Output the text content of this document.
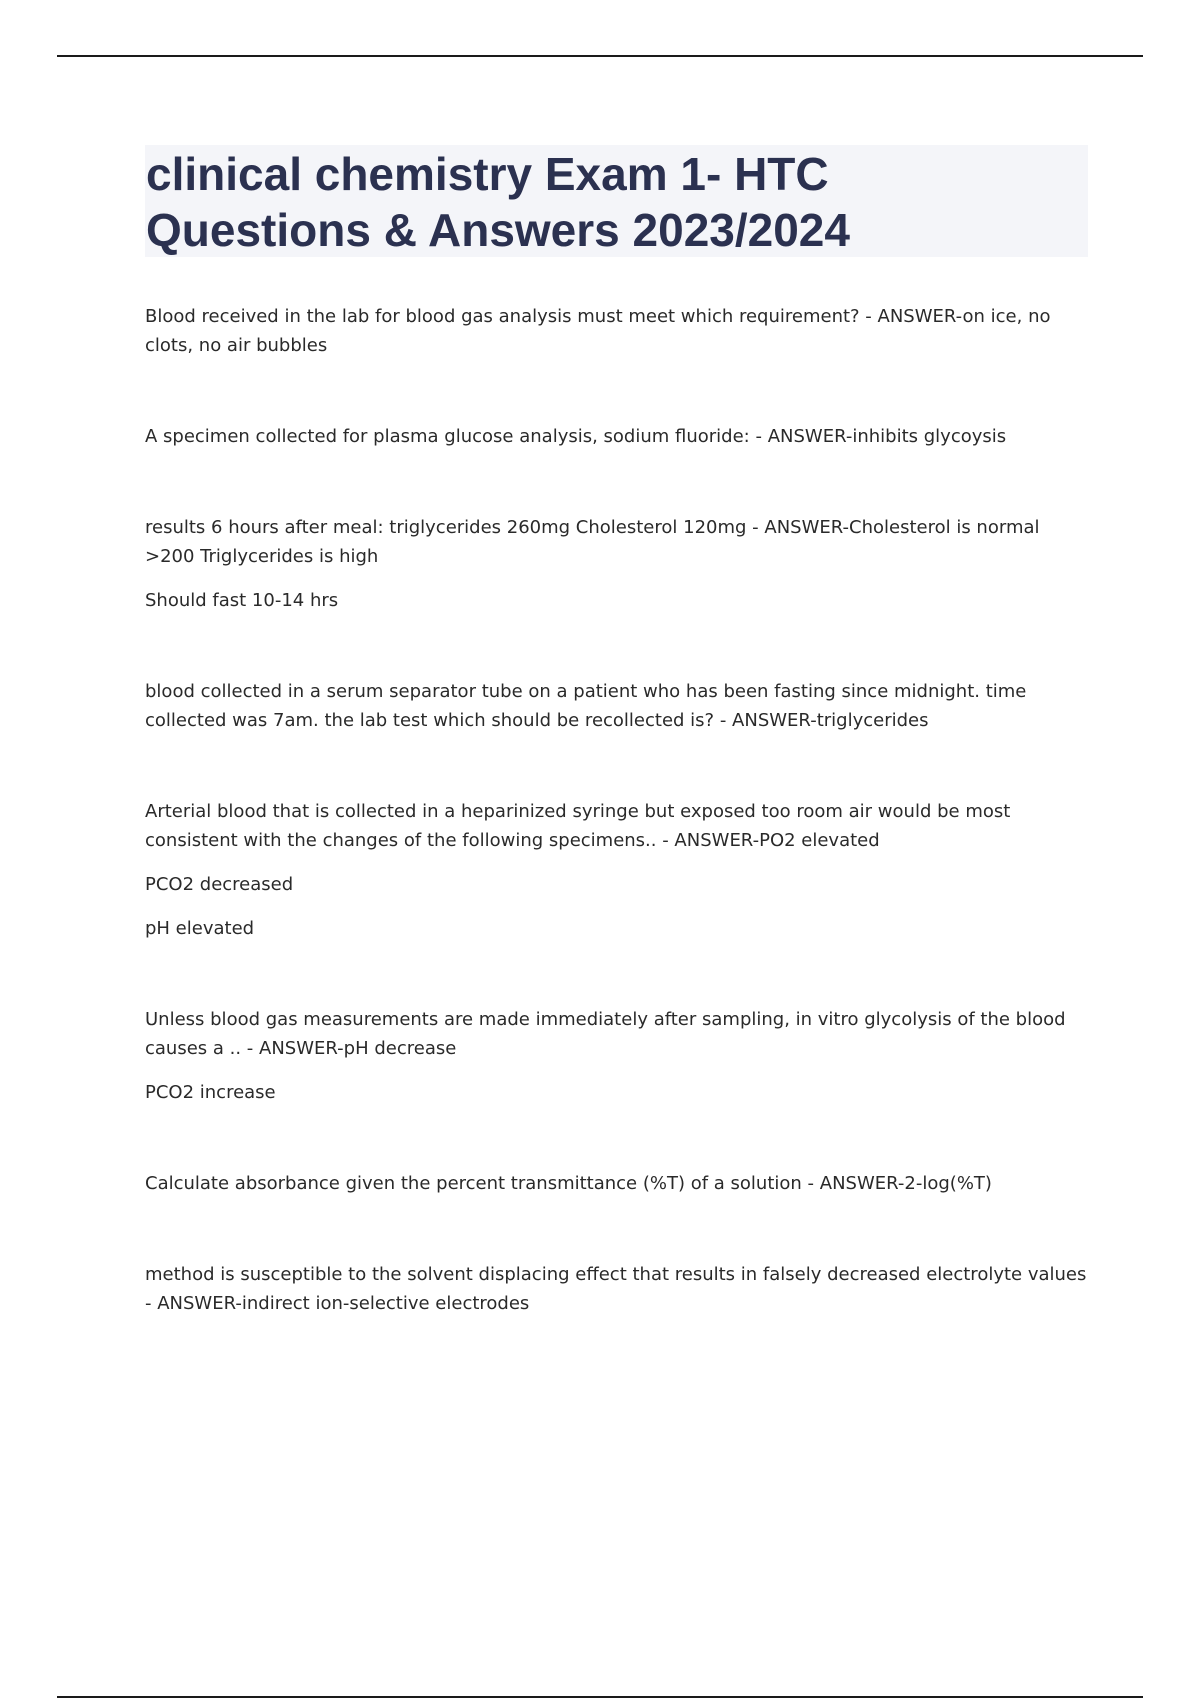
clinical chemistry Exam 1- HTC
Questions & Answers 2023/2024

Blood received in the lab for blood gas analysis must meet which requirement? - ANSWER-on ice, no clots, no air bubbles

A specimen collected for plasma glucose analysis, sodium fluoride: - ANSWER-inhibits glycoysis

results 6 hours after meal: triglycerides 260mg Cholesterol 120mg - ANSWER-Cholesterol is normal >200 Triglycerides is high

Should fast 10-14 hrs

blood collected in a serum separator tube on a patient who has been fasting since midnight. time collected was 7am. the lab test which should be recollected is? - ANSWER-triglycerides

Arterial blood that is collected in a heparinized syringe but exposed too room air would be most consistent with the changes of the following specimens.. - ANSWER-PO2 elevated

PCO2 decreased

pH elevated

Unless blood gas measurements are made immediately after sampling, in vitro glycolysis of the blood causes a .. - ANSWER-pH decrease

PCO2 increase

Calculate absorbance given the percent transmittance (%T) of a solution - ANSWER-2-log(%T)

method is susceptible to the solvent displacing effect that results in falsely decreased electrolyte values - ANSWER-indirect ion-selective electrodes
